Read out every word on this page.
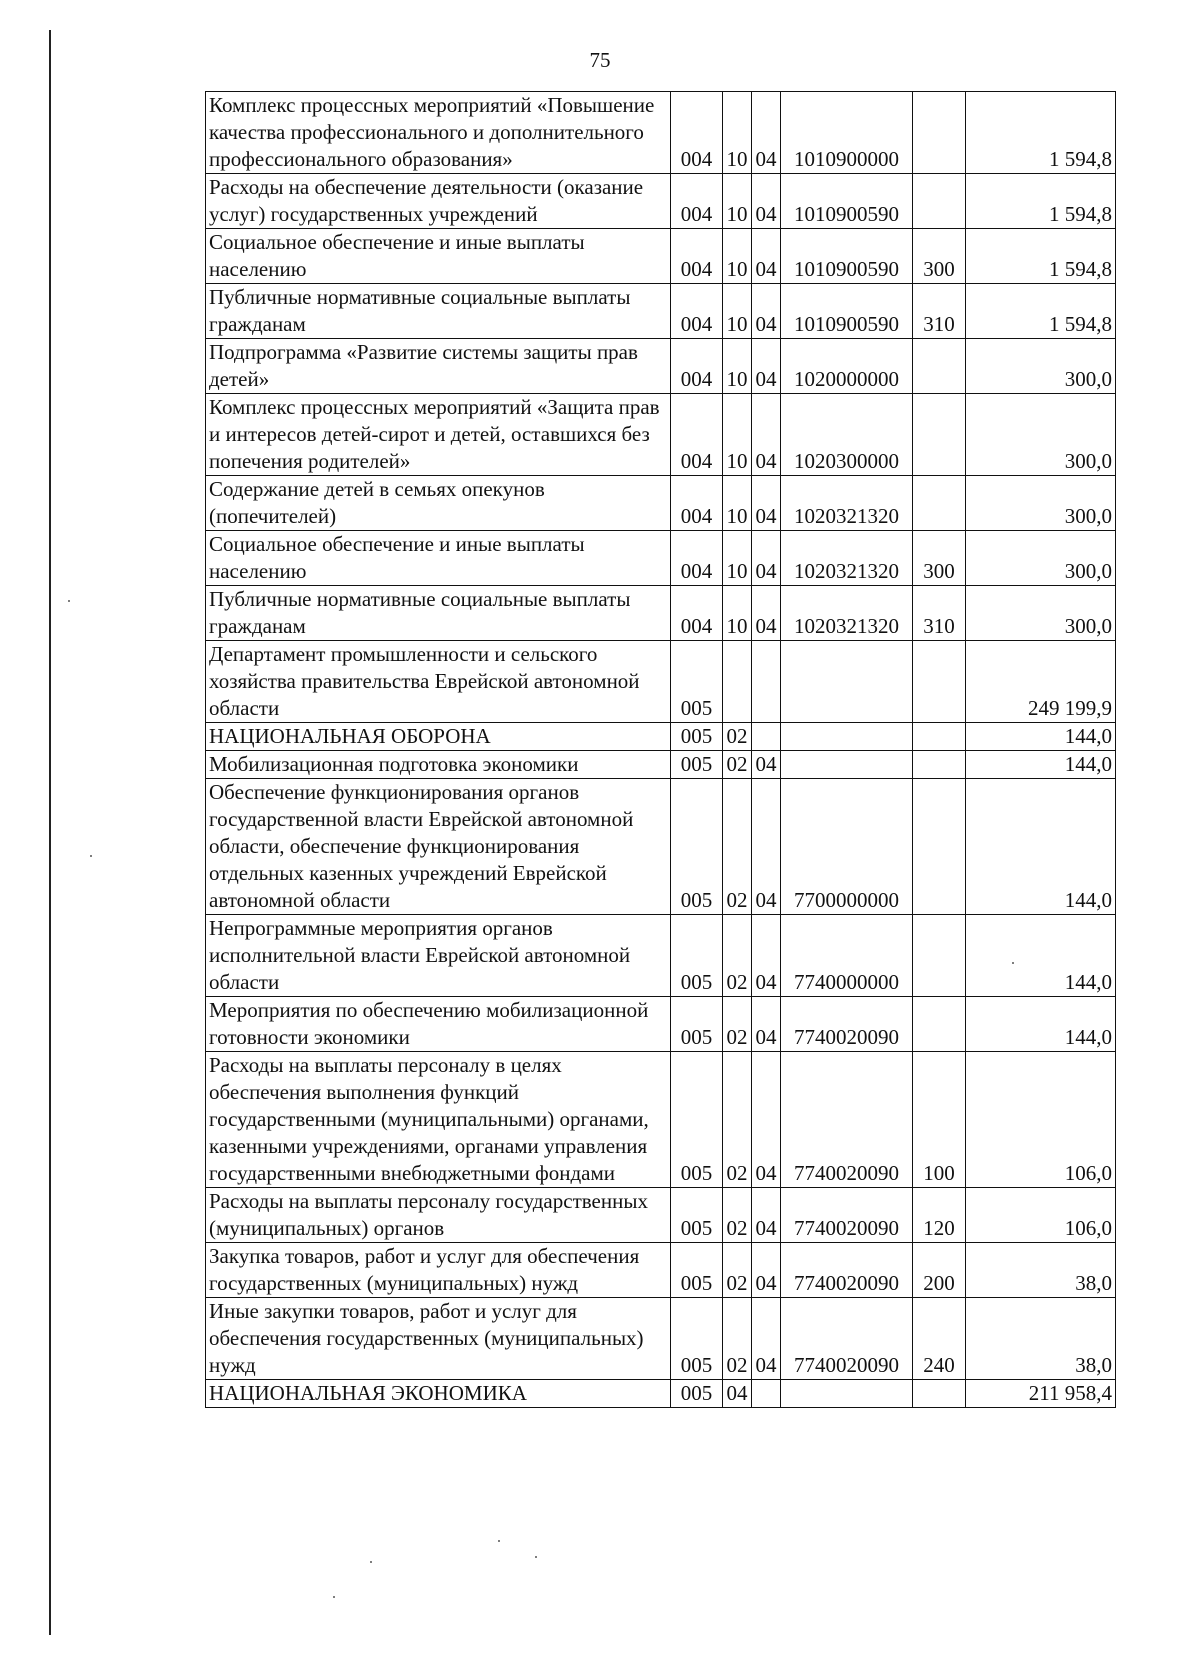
75
Комплекс процессных мероприятий «Повышение качества профессионального и дополнительного профессионального образования»	004	10	04	1010900000		1 594,8
Расходы на обеспечение деятельности (оказание услуг) государственных учреждений	004	10	04	1010900590		1 594,8
Социальное обеспечение и иные выплаты населению	004	10	04	1010900590	300	1 594,8
Публичные нормативные социальные выплаты гражданам	004	10	04	1010900590	310	1 594,8
Подпрограмма «Развитие системы защиты прав детей»	004	10	04	1020000000		300,0
Комплекс процессных мероприятий «Защита прав и интересов детей-сирот и детей, оставшихся без попечения родителей»	004	10	04	1020300000		300,0
Содержание детей в семьях опекунов (попечителей)	004	10	04	1020321320		300,0
Социальное обеспечение и иные выплаты населению	004	10	04	1020321320	300	300,0
Публичные нормативные социальные выплаты гражданам	004	10	04	1020321320	310	300,0
Департамент промышленности и сельского хозяйства правительства Еврейской автономной области	005					249 199,9
НАЦИОНАЛЬНАЯ ОБОРОНА	005	02				144,0
Мобилизационная подготовка экономики	005	02	04			144,0
Обеспечение функционирования органов государственной власти Еврейской автономной области, обеспечение функционирования отдельных казенных учреждений Еврейской автономной области	005	02	04	7700000000		144,0
Непрограммные мероприятия органов исполнительной власти Еврейской автономной области	005	02	04	7740000000		144,0
Мероприятия по обеспечению мобилизационной готовности экономики	005	02	04	7740020090		144,0
Расходы на выплаты персоналу в целях обеспечения выполнения функций государственными (муниципальными) органами, казенными учреждениями, органами управления государственными внебюджетными фондами	005	02	04	7740020090	100	106,0
Расходы на выплаты персоналу государственных (муниципальных) органов	005	02	04	7740020090	120	106,0
Закупка товаров, работ и услуг для обеспечения государственных (муниципальных) нужд	005	02	04	7740020090	200	38,0
Иные закупки товаров, работ и услуг для обеспечения государственных (муниципальных) нужд	005	02	04	7740020090	240	38,0
НАЦИОНАЛЬНАЯ ЭКОНОМИКА	005	04				211 958,4
